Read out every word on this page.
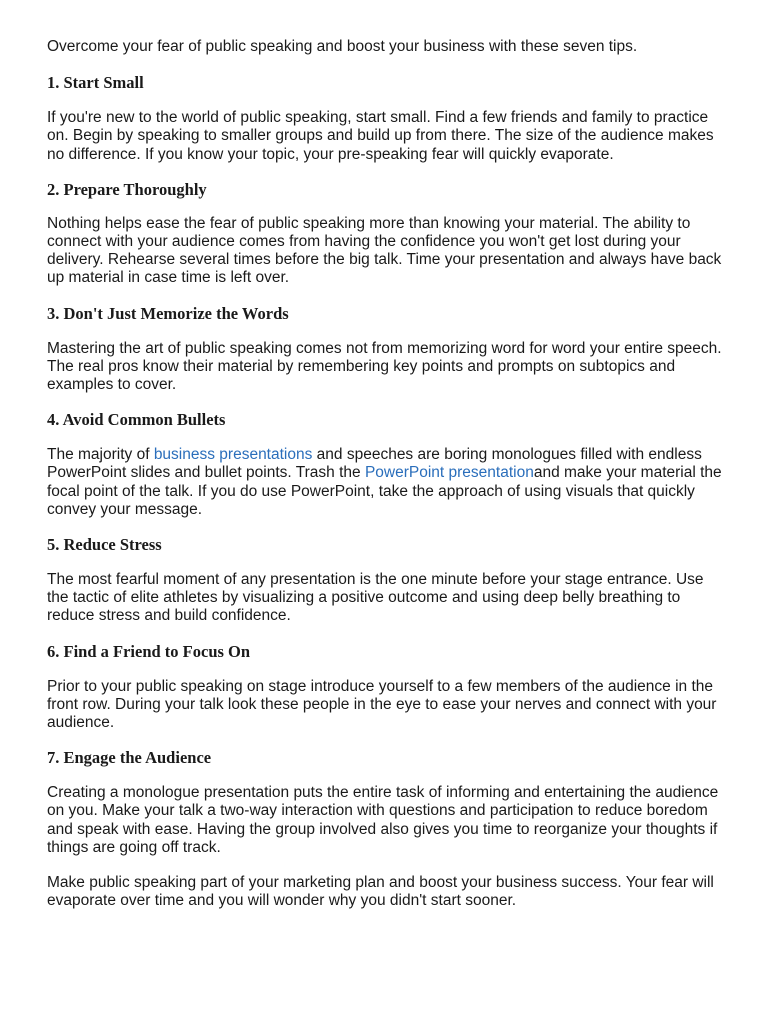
Overcome your fear of public speaking and boost your business with these seven tips.

1. Start Small

If you're new to the world of public speaking, start small. Find a few friends and family to practice on. Begin by speaking to smaller groups and build up from there. The size of the audience makes no difference. If you know your topic, your pre-speaking fear will quickly evaporate.

2. Prepare Thoroughly

Nothing helps ease the fear of public speaking more than knowing your material. The ability to connect with your audience comes from having the confidence you won't get lost during your delivery. Rehearse several times before the big talk. Time your presentation and always have back up material in case time is left over.

3. Don't Just Memorize the Words

Mastering the art of public speaking comes not from memorizing word for word your entire speech. The real pros know their material by remembering key points and prompts on subtopics and examples to cover.

4. Avoid Common Bullets

The majority of business presentations and speeches are boring monologues filled with endless PowerPoint slides and bullet points. Trash the PowerPoint presentationand make your material the focal point of the talk. If you do use PowerPoint, take the approach of using visuals that quickly convey your message.

5. Reduce Stress

The most fearful moment of any presentation is the one minute before your stage entrance. Use the tactic of elite athletes by visualizing a positive outcome and using deep belly breathing to reduce stress and build confidence.

6. Find a Friend to Focus On

Prior to your public speaking on stage introduce yourself to a few members of the audience in the front row. During your talk look these people in the eye to ease your nerves and connect with your audience.

7. Engage the Audience

Creating a monologue presentation puts the entire task of informing and entertaining the audience on you. Make your talk a two-way interaction with questions and participation to reduce boredom and speak with ease. Having the group involved also gives you time to reorganize your thoughts if things are going off track.

Make public speaking part of your marketing plan and boost your business success. Your fear will evaporate over time and you will wonder why you didn't start sooner.
